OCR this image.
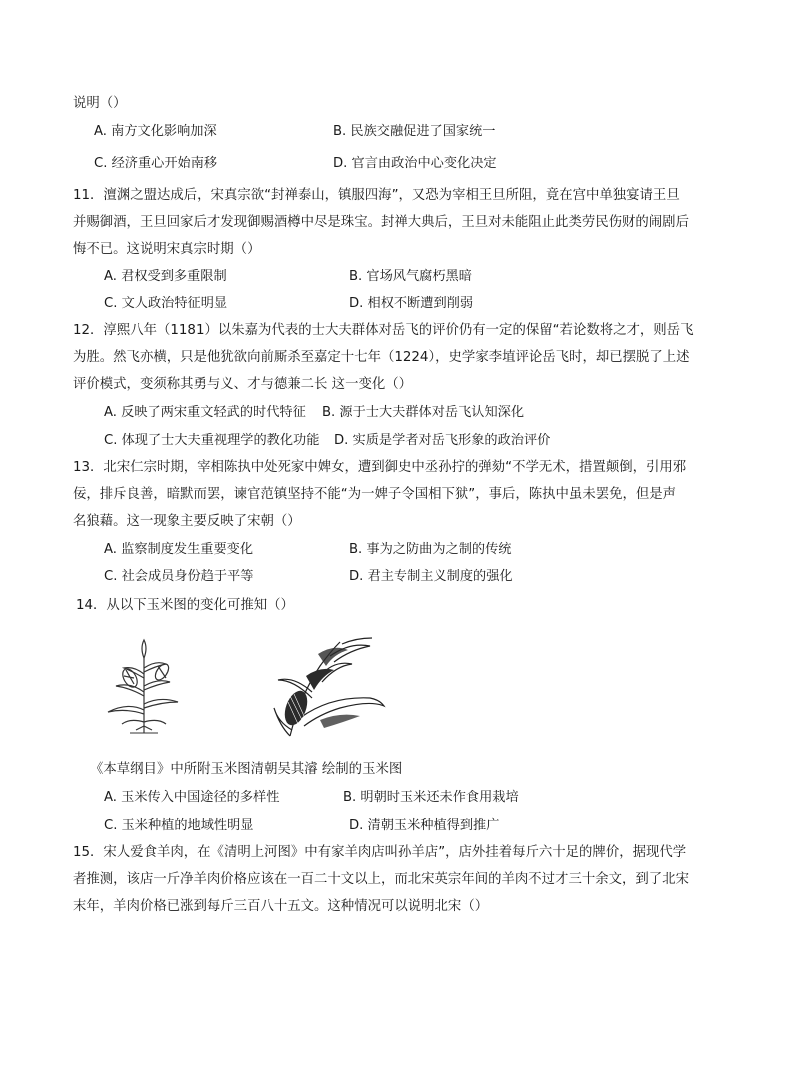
说明（）
A. 南方文化影响加深	B. 民族交融促进了国家统一
C. 经济重心开始南移	D. 官言由政治中心变化决定
11．澶渊之盟达成后，宋真宗欲“封禅泰山，镇服四海”，又恐为宰相王旦所阻，竟在宫中单独宴请王旦
并赐御酒，王旦回家后才发现御赐酒樽中尽是珠宝。封禅大典后，王旦对未能阻止此类劳民伤财的闹剧后
悔不已。这说明宋真宗时期（）
A. 君权受到多重限制	B. 官场风气腐朽黑暗
C. 文人政治特征明显	D. 相权不断遭到削弱
12．淳熙八年（1181）以朱嘉为代表的士大夫群体对岳飞的评价仍有一定的保留“若论数将之才，则岳飞
为胜。然飞亦横，只是他犹欲向前厮杀至嘉定十七年（1224），史学家李埴评论岳飞时，却已摆脱了上述
评价模式，变须称其勇与义、才与德兼二长 这一变化（）
A. 反映了两宋重文轻武的时代特征 B. 源于士大夫群体对岳飞认知深化
C. 体现了士大夫重视理学的教化功能 D. 实质是学者对岳飞形象的政治评价
13．北宋仁宗时期，宰相陈执中处死家中婢女，遭到御史中丞孙拧的弹劾“不学无术，措置颠倒，引用邪
佞，排斥良善，暗默而罢，谏官范镇坚持不能“为一婢子令国相下狱”，事后，陈执中虽未罢免，但是声
名狼藉。这一现象主要反映了宋朝（）
A. 监察制度发生重要变化	B. 事为之防曲为之制的传统
C. 社会成员身份趋于平等	D. 君主专制主义制度的强化
14．从以下玉米图的变化可推知（）
《本草纲目》中所附玉米图清朝吴其濬 绘制的玉米图
A. 玉米传入中国途径的多样性	B. 明朝时玉米还未作食用栽培
C. 玉米种植的地域性明显	D. 清朝玉米种植得到推广
15．宋人爱食羊肉，在《清明上河图》中有家羊肉店叫孙羊店”，店外挂着每斤六十足的牌价，据现代学
者推测，该店一斤净羊肉价格应该在一百二十文以上，而北宋英宗年间的羊肉不过才三十余文，到了北宋
末年，羊肉价格已涨到每斤三百八十五文。这种情况可以说明北宋（）
